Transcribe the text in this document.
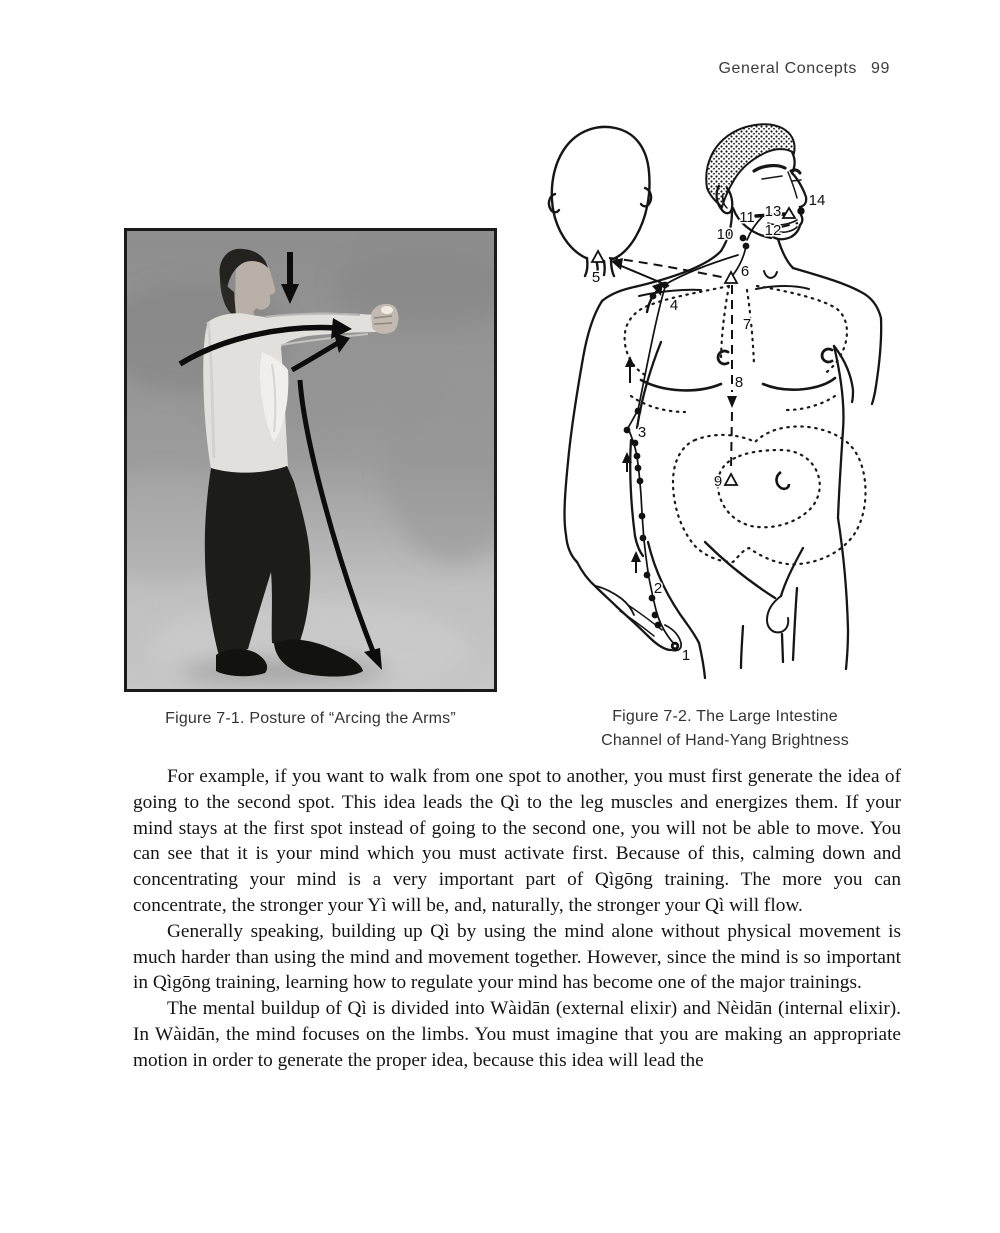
General Concepts 99
1
2
3
4
5	6
7
8
9
10
11
12
13
14
Figure 7-1. Posture of “Arcing the Arms”	Figure 7-2. The Large Intestine
Channel of Hand-Yang Brightness

For example, if you want to walk from one spot to another, you must first generate the idea of going to the second spot. This idea leads the Qì to the leg muscles and energizes them. If your mind stays at the first spot instead of going to the second one, you will not be able to move. You can see that it is your mind which you must activate first. Because of this, calming down and concentrating your mind is a very important part of Qìgōng training. The more you can concentrate, the stronger your Yì will be, and, naturally, the stronger your Qì will flow.

Generally speaking, building up Qì by using the mind alone without physical movement is much harder than using the mind and movement together. However, since the mind is so important in Qìgōng training, learning how to regulate your mind has become one of the major trainings.

The mental buildup of Qì is divided into Wàidān (external elixir) and Nèidān (internal elixir). In Wàidān, the mind focuses on the limbs. You must imagine that you are making an appropriate motion in order to generate the proper idea, because this idea will lead the
